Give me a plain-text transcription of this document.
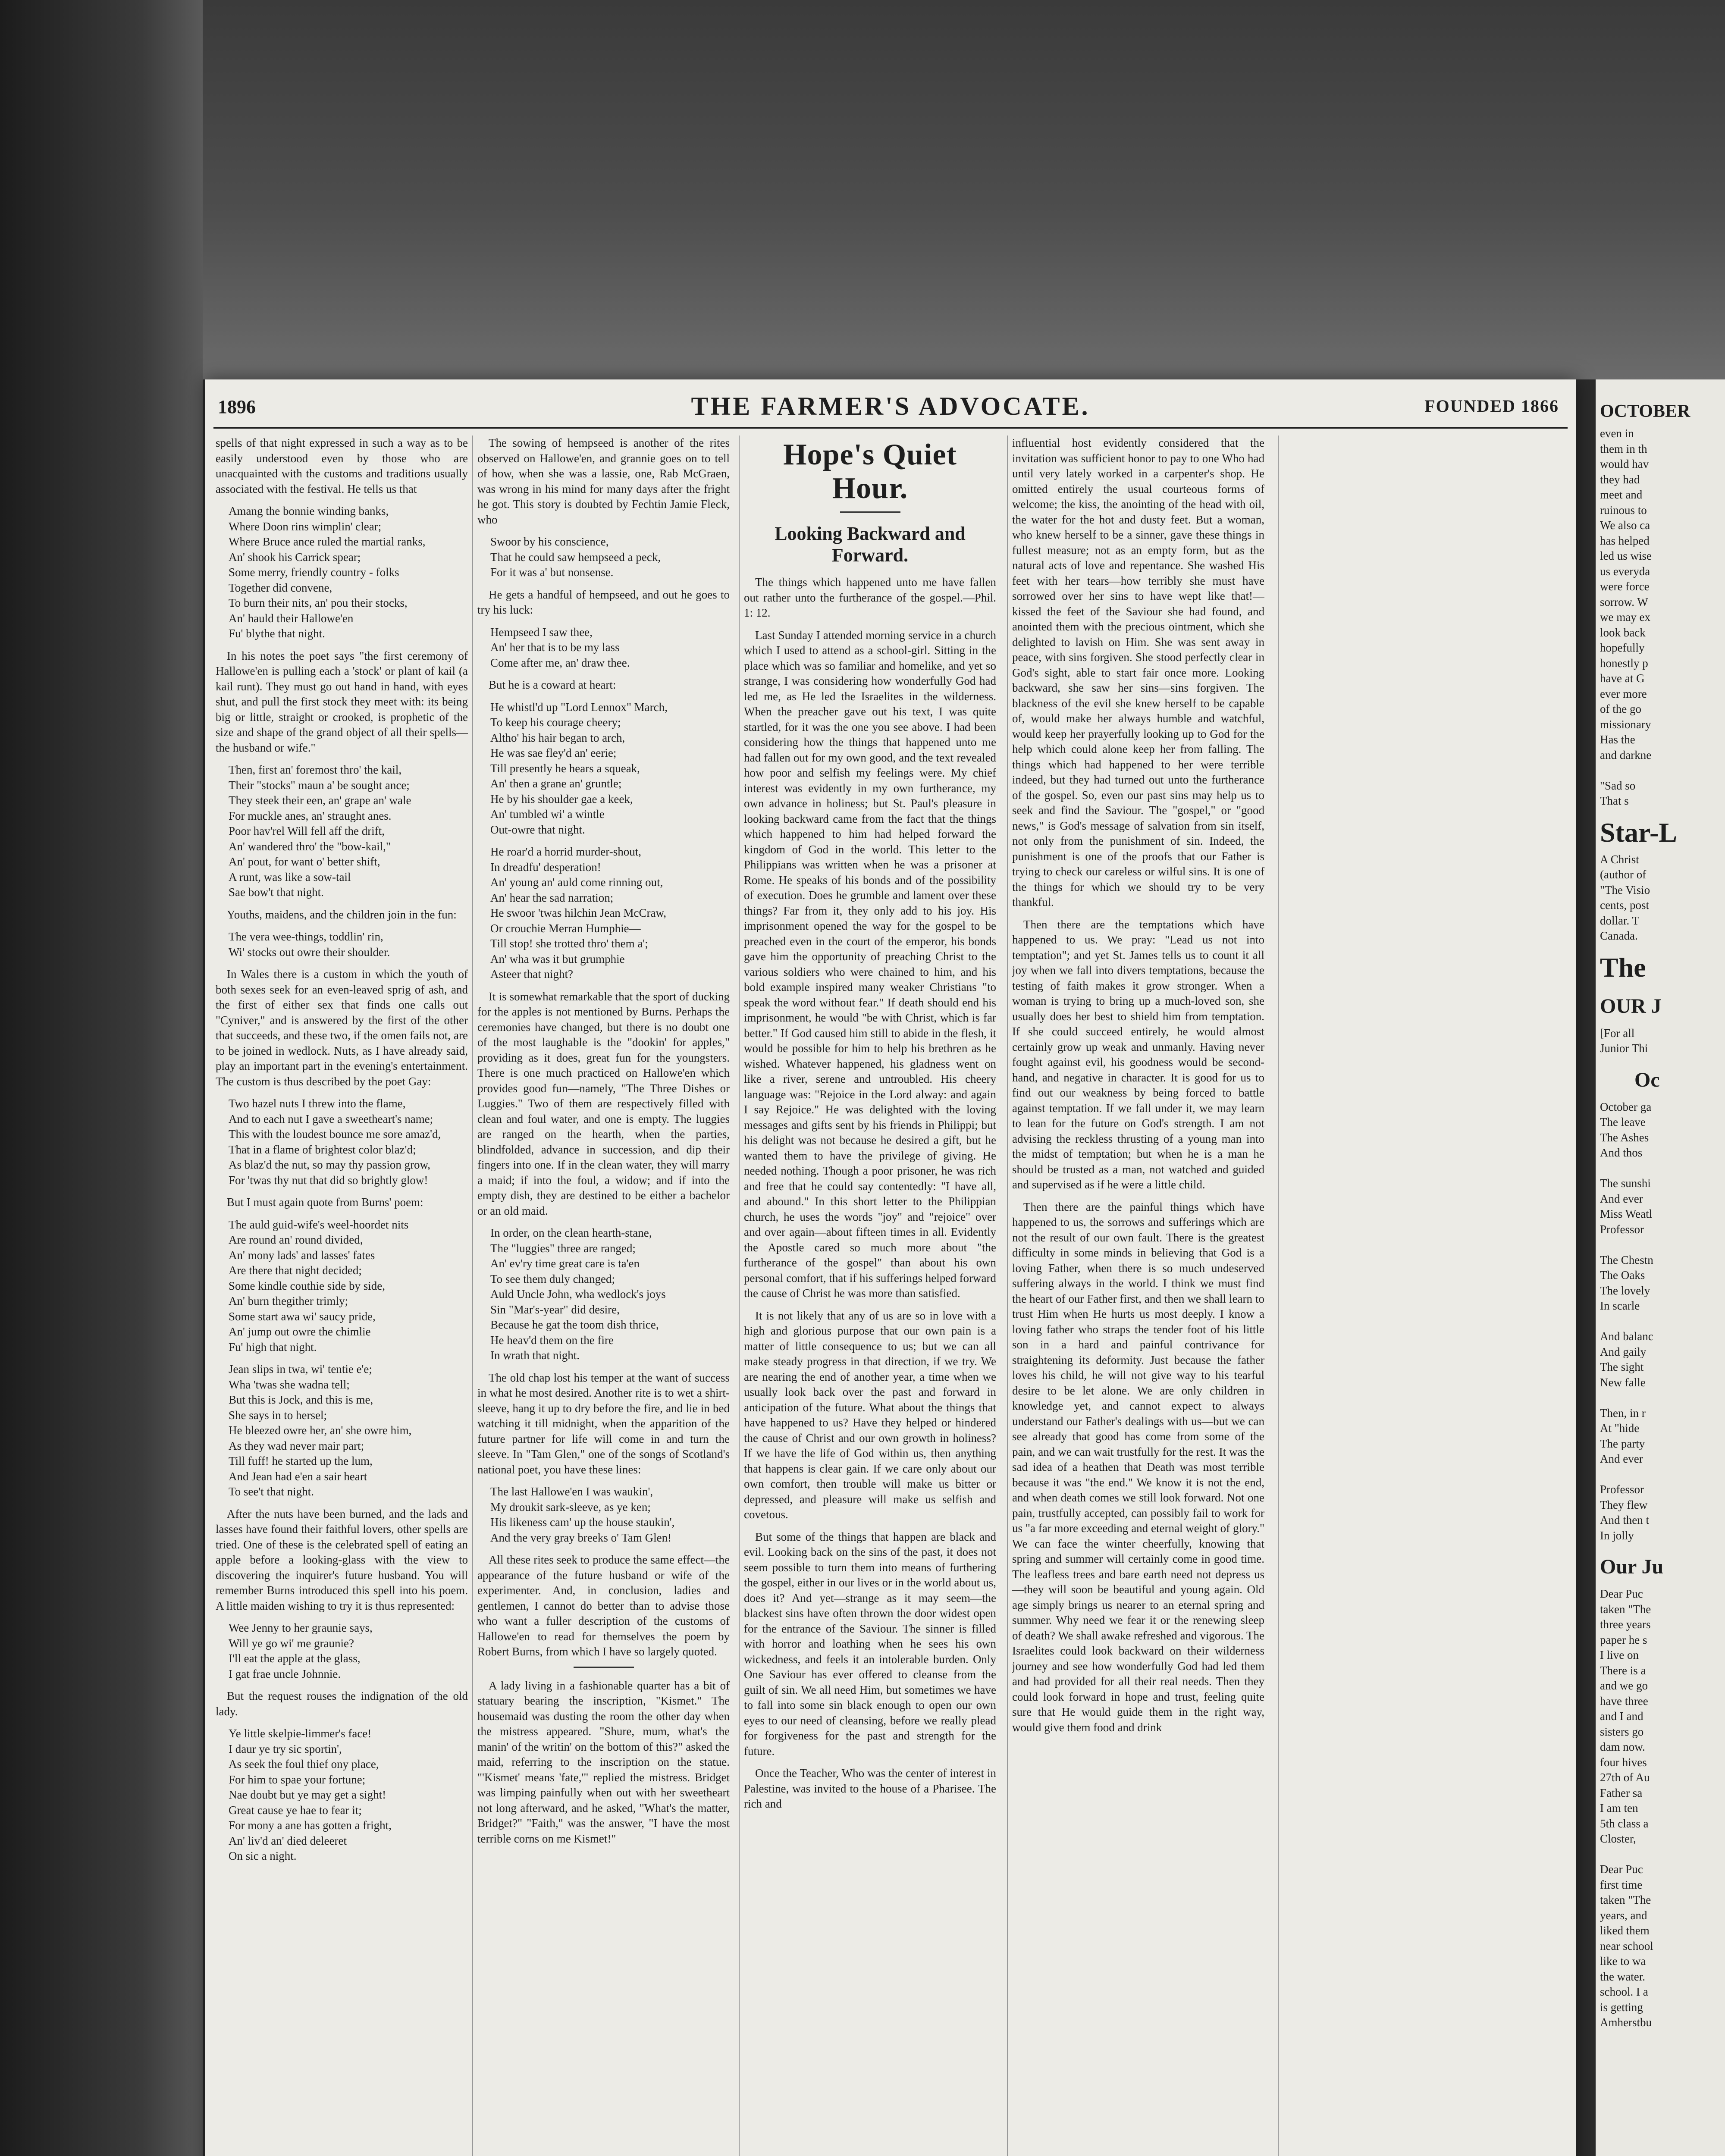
1896	THE FARMER'S ADVOCATE.	FOUNDED 1866

spells of that night expressed in such a way as to be easily understood even by those who are unacquainted with the customs and traditions usually associated with the festival. He tells us that

Amang the bonnie winding banks,
Where Doon rins wimplin' clear;
Where Bruce ance ruled the martial ranks,
An' shook his Carrick spear;
Some merry, friendly country - folks
Together did convene,
To burn their nits, an' pou their stocks,
An' hauld their Hallowe'en
Fu' blythe that night.

In his notes the poet says "the first ceremony of Hallowe'en is pulling each a 'stock' or plant of kail (a kail runt). They must go out hand in hand, with eyes shut, and pull the first stock they meet with: its being big or little, straight or crooked, is prophetic of the size and shape of the grand object of all their spells—the husband or wife."

Then, first an' foremost thro' the kail,
Their "stocks" maun a' be sought ance;
They steek their een, an' grape an' wale
For muckle anes, an' straught anes.
Poor hav'rel Will fell aff the drift,
An' wandered thro' the "bow-kail,"
An' pout, for want o' better shift,
A runt, was like a sow-tail
Sae bow't that night.

Youths, maidens, and the children join in the fun:

The vera wee-things, toddlin' rin,
Wi' stocks out owre their shoulder.

In Wales there is a custom in which the youth of both sexes seek for an even-leaved sprig of ash, and the first of either sex that finds one calls out "Cyniver," and is answered by the first of the other that succeeds, and these two, if the omen fails not, are to be joined in wedlock. Nuts, as I have already said, play an important part in the evening's entertainment. The custom is thus described by the poet Gay:

Two hazel nuts I threw into the flame,
And to each nut I gave a sweetheart's name;
This with the loudest bounce me sore amaz'd,
That in a flame of brightest color blaz'd;
As blaz'd the nut, so may thy passion grow,
For 'twas thy nut that did so brightly glow!

But I must again quote from Burns' poem:

The auld guid-wife's weel-hoordet nits
Are round an' round divided,
An' mony lads' and lasses' fates
Are there that night decided;
Some kindle couthie side by side,
An' burn thegither trimly;
Some start awa wi' saucy pride,
An' jump out owre the chimlie
Fu' high that night.

Jean slips in twa, wi' tentie e'e;
Wha 'twas she wadna tell;
But this is Jock, and this is me,
She says in to hersel;
He bleezed owre her, an' she owre him,
As they wad never mair part;
Till fuff! he started up the lum,
And Jean had e'en a sair heart
To see't that night.

After the nuts have been burned, and the lads and lasses have found their faithful lovers, other spells are tried. One of these is the celebrated spell of eating an apple before a looking-glass with the view to discovering the inquirer's future husband. You will remember Burns introduced this spell into his poem. A little maiden wishing to try it is thus represented:

Wee Jenny to her graunie says,
Will ye go wi' me graunie?
I'll eat the apple at the glass,
I gat frae uncle Johnnie.

But the request rouses the indignation of the old lady.

Ye little skelpie-limmer's face!
I daur ye try sic sportin',
As seek the foul thief ony place,
For him to spae your fortune;
Nae doubt but ye may get a sight!
Great cause ye hae to fear it;
For mony a ane has gotten a fright,
An' liv'd an' died deleeret
On sic a night.

The sowing of hempseed is another of the rites observed on Hallowe'en, and grannie goes on to tell of how, when she was a lassie, one, Rab McGraen, was wrong in his mind for many days after the fright he got. This story is doubted by Fechtin Jamie Fleck, who

Swoor by his conscience,
That he could saw hempseed a peck,
For it was a' but nonsense.

He gets a handful of hempseed, and out he goes to try his luck:

Hempseed I saw thee,
An' her that is to be my lass
Come after me, an' draw thee.

But he is a coward at heart:

He whistl'd up "Lord Lennox" March,
To keep his courage cheery;
Altho' his hair began to arch,
He was sae fley'd an' eerie;
Till presently he hears a squeak,
An' then a grane an' gruntle;
He by his shoulder gae a keek,
An' tumbled wi' a wintle
Out-owre that night.

He roar'd a horrid murder-shout,
In dreadfu' desperation!
An' young an' auld come rinning out,
An' hear the sad narration;
He swoor 'twas hilchin Jean McCraw,
Or crouchie Merran Humphie—
Till stop! she trotted thro' them a';
An' wha was it but grumphie
Asteer that night?

It is somewhat remarkable that the sport of ducking for the apples is not mentioned by Burns. Perhaps the ceremonies have changed, but there is no doubt one of the most laughable is the "dookin' for apples," providing as it does, great fun for the youngsters. There is one much practiced on Hallowe'en which provides good fun—namely, "The Three Dishes or Luggies." Two of them are respectively filled with clean and foul water, and one is empty. The luggies are ranged on the hearth, when the parties, blindfolded, advance in succession, and dip their fingers into one. If in the clean water, they will marry a maid; if into the foul, a widow; and if into the empty dish, they are destined to be either a bachelor or an old maid.

In order, on the clean hearth-stane,
The "luggies" three are ranged;
An' ev'ry time great care is ta'en
To see them duly changed;
Auld Uncle John, wha wedlock's joys
Sin "Mar's-year" did desire,
Because he gat the toom dish thrice,
He heav'd them on the fire
In wrath that night.

The old chap lost his temper at the want of success in what he most desired. Another rite is to wet a shirt-sleeve, hang it up to dry before the fire, and lie in bed watching it till midnight, when the apparition of the future partner for life will come in and turn the sleeve. In "Tam Glen," one of the songs of Scotland's national poet, you have these lines:

The last Hallowe'en I was waukin',
My droukit sark-sleeve, as ye ken;
His likeness cam' up the house staukin',
And the very gray breeks o' Tam Glen!

All these rites seek to produce the same effect—the appearance of the future husband or wife of the experimenter. And, in conclusion, ladies and gentlemen, I cannot do better than to advise those who want a fuller description of the customs of Hallowe'en to read for themselves the poem by Robert Burns, from which I have so largely quoted.

A lady living in a fashionable quarter has a bit of statuary bearing the inscription, "Kismet." The housemaid was dusting the room the other day when the mistress appeared. "Shure, mum, what's the manin' of the writin' on the bottom of this?" asked the maid, referring to the inscription on the statue. "'Kismet' means 'fate,'" replied the mistress. Bridget was limping painfully when out with her sweetheart not long afterward, and he asked, "What's the matter, Bridget?" "Faith," was the answer, "I have the most terrible corns on me Kismet!"

Hope's Quiet Hour.
Looking Backward and Forward.

The things which happened unto me have fallen out rather unto the furtherance of the gospel.—Phil. 1: 12.

Last Sunday I attended morning service in a church which I used to attend as a school-girl. Sitting in the place which was so familiar and homelike, and yet so strange, I was considering how wonderfully God had led me, as He led the Israelites in the wilderness. When the preacher gave out his text, I was quite startled, for it was the one you see above. I had been considering how the things that happened unto me had fallen out for my own good, and the text revealed how poor and selfish my feelings were. My chief interest was evidently in my own furtherance, my own advance in holiness; but St. Paul's pleasure in looking backward came from the fact that the things which happened to him had helped forward the kingdom of God in the world. This letter to the Philippians was written when he was a prisoner at Rome. He speaks of his bonds and of the possibility of execution. Does he grumble and lament over these things? Far from it, they only add to his joy. His imprisonment opened the way for the gospel to be preached even in the court of the emperor, his bonds gave him the opportunity of preaching Christ to the various soldiers who were chained to him, and his bold example inspired many weaker Christians "to speak the word without fear." If death should end his imprisonment, he would "be with Christ, which is far better." If God caused him still to abide in the flesh, it would be possible for him to help his brethren as he wished. Whatever happened, his gladness went on like a river, serene and untroubled. His cheery language was: "Rejoice in the Lord alway: and again I say Rejoice." He was delighted with the loving messages and gifts sent by his friends in Philippi; but his delight was not because he desired a gift, but he wanted them to have the privilege of giving. He needed nothing. Though a poor prisoner, he was rich and free that he could say contentedly: "I have all, and abound." In this short letter to the Philippian church, he uses the words "joy" and "rejoice" over and over again—about fifteen times in all. Evidently the Apostle cared so much more about "the furtherance of the gospel" than about his own personal comfort, that if his sufferings helped forward the cause of Christ he was more than satisfied.

It is not likely that any of us are so in love with a high and glorious purpose that our own pain is a matter of little consequence to us; but we can all make steady progress in that direction, if we try. We are nearing the end of another year, a time when we usually look back over the past and forward in anticipation of the future. What about the things that have happened to us? Have they helped or hindered the cause of Christ and our own growth in holiness? If we have the life of God within us, then anything that happens is clear gain. If we care only about our own comfort, then trouble will make us bitter or depressed, and pleasure will make us selfish and covetous.

But some of the things that happen are black and evil. Looking back on the sins of the past, it does not seem possible to turn them into means of furthering the gospel, either in our lives or in the world about us, does it? And yet—strange as it may seem—the blackest sins have often thrown the door widest open for the entrance of the Saviour. The sinner is filled with horror and loathing when he sees his own wickedness, and feels it an intolerable burden. Only One Saviour has ever offered to cleanse from the guilt of sin. We all need Him, but sometimes we have to fall into some sin black enough to open our own eyes to our need of cleansing, before we really plead for forgiveness for the past and strength for the future.

Once the Teacher, Who was the center of interest in Palestine, was invited to the house of a Pharisee. The rich and

influential host evidently considered that the invitation was sufficient honor to pay to one Who had until very lately worked in a carpenter's shop. He omitted entirely the usual courteous forms of welcome; the kiss, the anointing of the head with oil, the water for the hot and dusty feet. But a woman, who knew herself to be a sinner, gave these things in fullest measure; not as an empty form, but as the natural acts of love and repentance. She washed His feet with her tears—how terribly she must have sorrowed over her sins to have wept like that!—kissed the feet of the Saviour she had found, and anointed them with the precious ointment, which she delighted to lavish on Him. She was sent away in peace, with sins forgiven. She stood perfectly clear in God's sight, able to start fair once more. Looking backward, she saw her sins—sins forgiven. The blackness of the evil she knew herself to be capable of, would make her always humble and watchful, would keep her prayerfully looking up to God for the help which could alone keep her from falling. The things which had happened to her were terrible indeed, but they had turned out unto the furtherance of the gospel. So, even our past sins may help us to seek and find the Saviour. The "gospel," or "good news," is God's message of salvation from sin itself, not only from the punishment of sin. Indeed, the punishment is one of the proofs that our Father is trying to check our careless or wilful sins. It is one of the things for which we should try to be very thankful.

Then there are the temptations which have happened to us. We pray: "Lead us not into temptation"; and yet St. James tells us to count it all joy when we fall into divers temptations, because the testing of faith makes it grow stronger. When a woman is trying to bring up a much-loved son, she usually does her best to shield him from temptation. If she could succeed entirely, he would almost certainly grow up weak and unmanly. Having never fought against evil, his goodness would be second-hand, and negative in character. It is good for us to find out our weakness by being forced to battle against temptation. If we fall under it, we may learn to lean for the future on God's strength. I am not advising the reckless thrusting of a young man into the midst of temptation; but when he is a man he should be trusted as a man, not watched and guided and supervised as if he were a little child.

Then there are the painful things which have happened to us, the sorrows and sufferings which are not the result of our own fault. There is the greatest difficulty in some minds in believing that God is a loving Father, when there is so much undeserved suffering always in the world. I think we must find the heart of our Father first, and then we shall learn to trust Him when He hurts us most deeply. I know a loving father who straps the tender foot of his little son in a hard and painful contrivance for straightening its deformity. Just because the father loves his child, he will not give way to his tearful desire to be let alone. We are only children in knowledge yet, and cannot expect to always understand our Father's dealings with us—but we can see already that good has come from some of the pain, and we can wait trustfully for the rest. It was the sad idea of a heathen that Death was most terrible because it was "the end." We know it is not the end, and when death comes we still look forward. Not one pain, trustfully accepted, can possibly fail to work for us "a far more exceeding and eternal weight of glory." We can face the winter cheerfully, knowing that spring and summer will certainly come in good time. The leafless trees and bare earth need not depress us—they will soon be beautiful and young again. Old age simply brings us nearer to an eternal spring and summer. Why need we fear it or the renewing sleep of death? We shall awake refreshed and vigorous. The Israelites could look backward on their wilderness journey and see how wonderfully God had led them and had provided for all their real needs. Then they could look forward in hope and trust, feeling quite sure that He would guide them in the right way, would give them food and drink

OCTOBER
even in
them in th
would hav
they had
meet and
ruinous to
We also ca
has helped
led us wise
us everyda
were force
sorrow. W
we may ex
look back
hopefully
honestly p
have at G
ever more
of the go
missionary
Has the
and darkne

"Sad so
That s
Star-L
A Christ
(author of
"The Visio
cents, post
dollar. T
Canada.
The
OUR J
[For all
Junior Thi
Oc
October ga
The leave
The Ashes
And thos

The sunshi
And ever
Miss Weatl
Professor

The Chestn
The Oaks
The lovely
In scarle

And balanc
And gaily
The sight
New falle

Then, in r
At "hide
The party
And ever

Professor
They flew
And then t
In jolly
Our Ju
Dear Puc
taken "The
three years
paper he s
I live on
There is a
and we go
have three
and I and
sisters go
dam now.
four hives
27th of Au
Father sa
I am ten
5th class a
Closter,

Dear Puc
first time
taken "The
years, and
liked them
near school
like to wa
the water.
school. I a
is getting
Amherstbu
